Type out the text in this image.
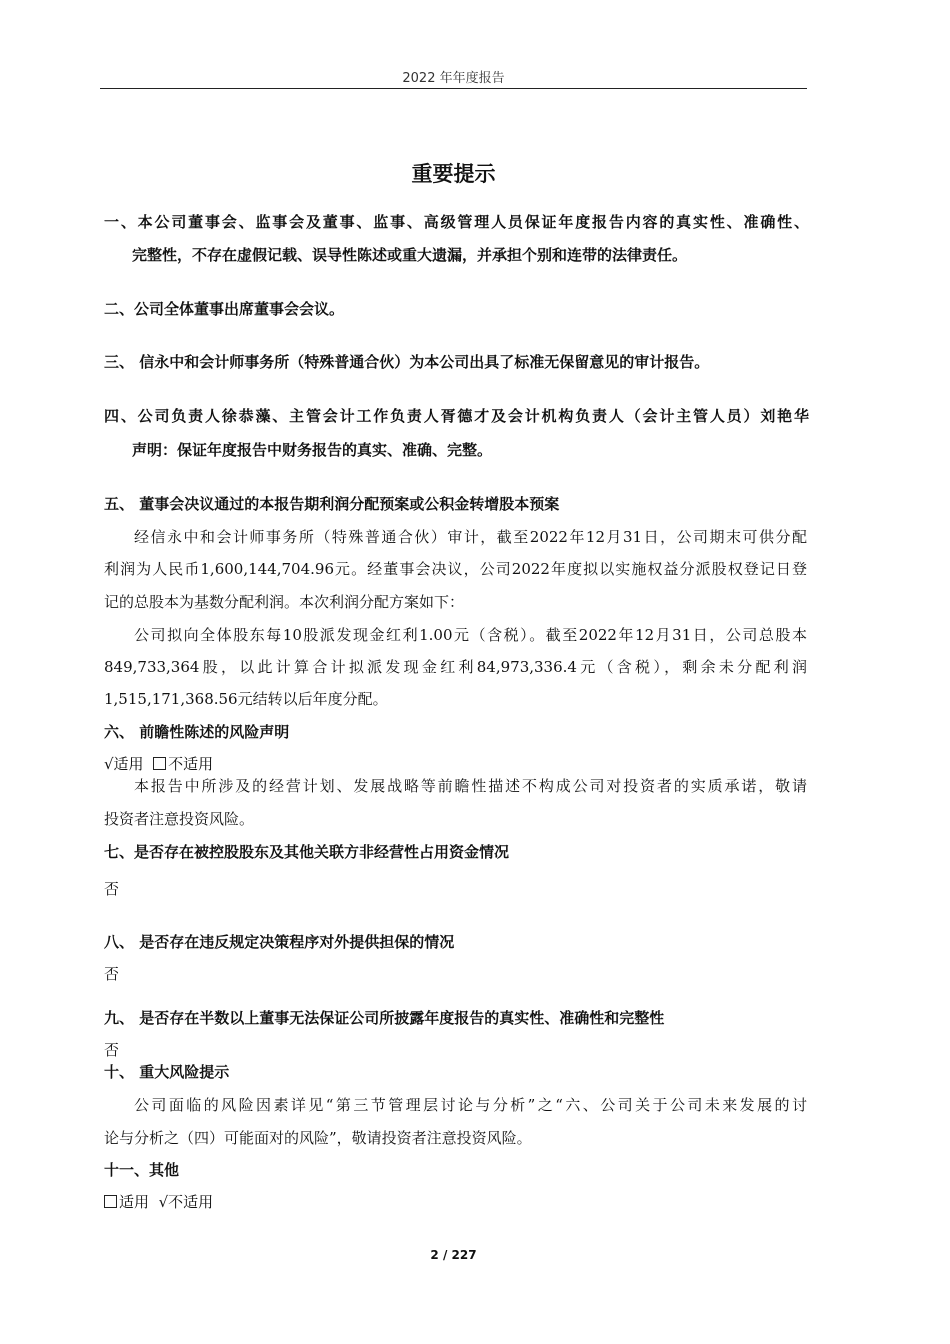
2022 年年度报告
重要提示
一、本公司董事会、监事会及董事、监事、高级管理人员保证年度报告内容的真实性、准确性、
完整性，不存在虚假记载、误导性陈述或重大遗漏，并承担个别和连带的法律责任。
二、公司全体董事出席董事会会议。
三、 信永中和会计师事务所（特殊普通合伙）为本公司出具了标准无保留意见的审计报告。
四、公司负责人徐恭藻、主管会计工作负责人胥德才及会计机构负责人（会计主管人员）刘艳华
声明：保证年度报告中财务报告的真实、准确、完整。
五、 董事会决议通过的本报告期利润分配预案或公积金转增股本预案
经信永中和会计师事务所（特殊普通合伙）审计，截至2022年12月31日，公司期末可供分配
利润为人民币1,600,144,704.96元。经董事会决议，公司2022年度拟以实施权益分派股权登记日登
记的总股本为基数分配利润。本次利润分配方案如下：
公司拟向全体股东每10股派发现金红利1.00元（含税）。截至2022年12月31日，公司总股本
849,733,364股，以此计算合计拟派发现金红利84,973,336.4元（含税），剩余未分配利润
1,515,171,368.56元结转以后年度分配。
六、 前瞻性陈述的风险声明
√适用 不适用
本报告中所涉及的经营计划、发展战略等前瞻性描述不构成公司对投资者的实质承诺，敬请
投资者注意投资风险。
七、是否存在被控股股东及其他关联方非经营性占用资金情况
否
八、 是否存在违反规定决策程序对外提供担保的情况
否
九、 是否存在半数以上董事无法保证公司所披露年度报告的真实性、准确性和完整性
否
十、 重大风险提示
公司面临的风险因素详见“第三节管理层讨论与分析”之“六、公司关于公司未来发展的讨
论与分析之（四）可能面对的风险”，敬请投资者注意投资风险。
十一、其他
适用 √不适用
2 / 227
